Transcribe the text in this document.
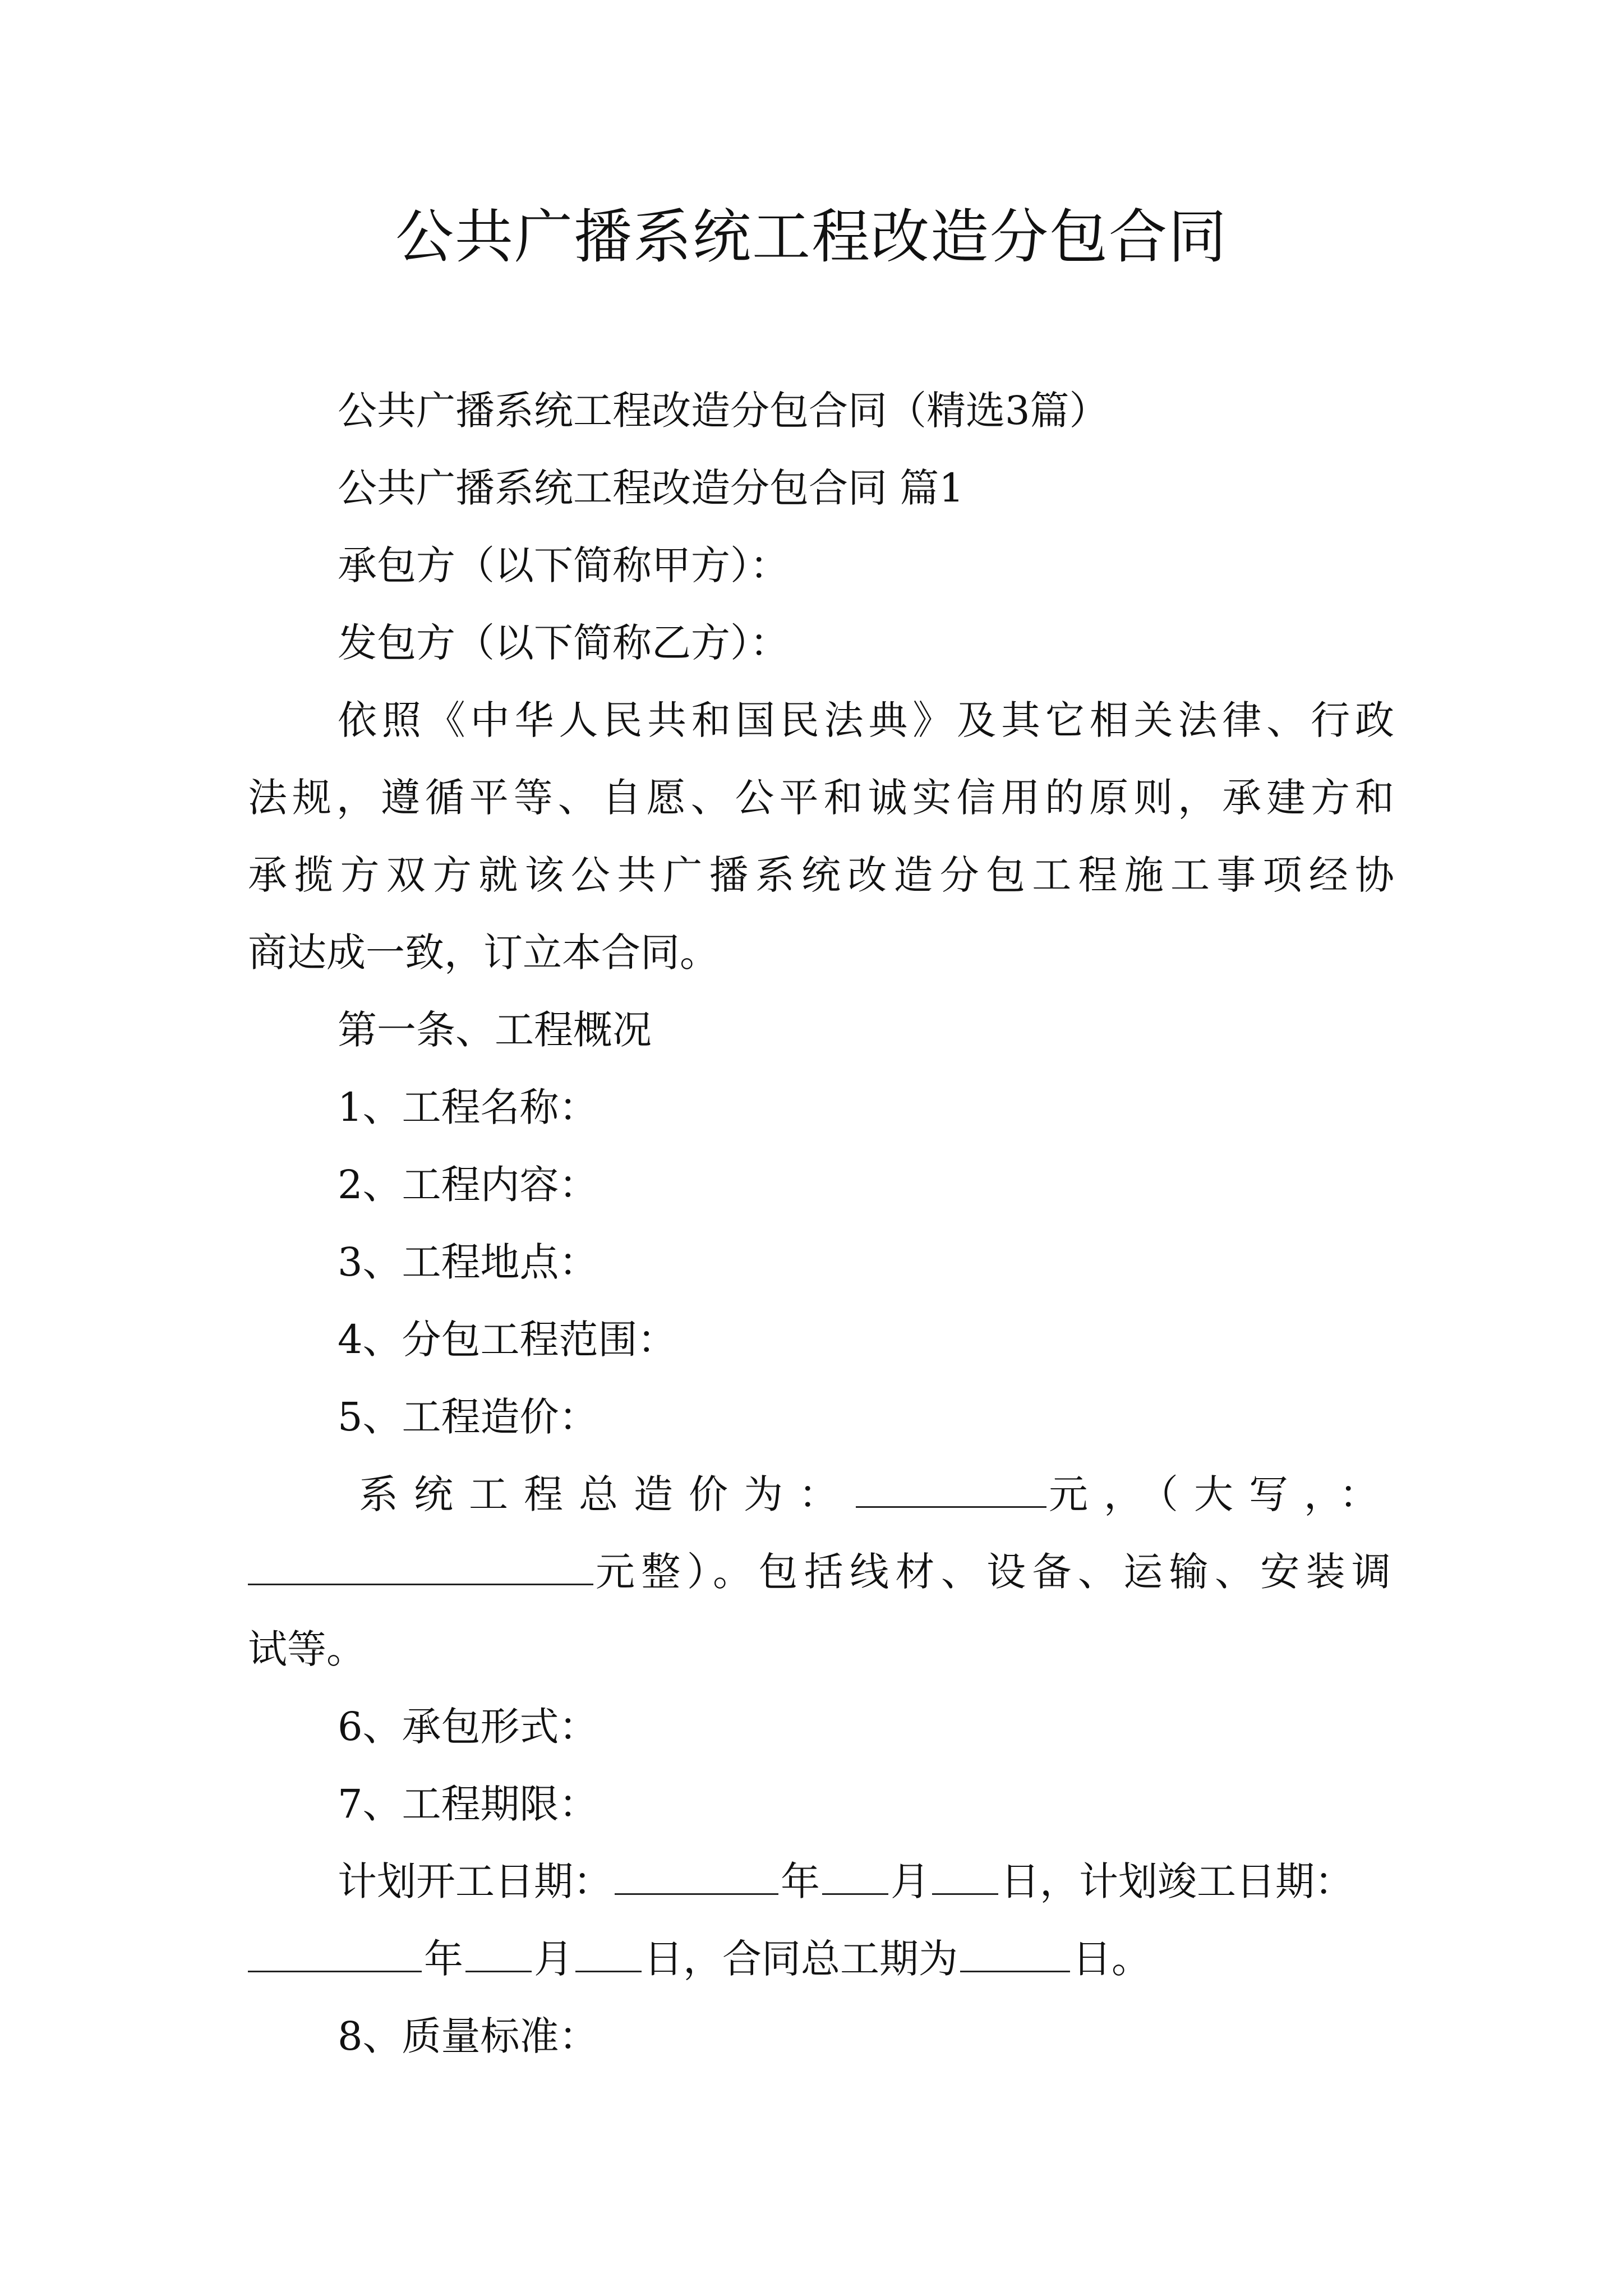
公共广播系统工程改造分包合同
公共广播系统工程改造分包合同（精选3篇）
公共广播系统工程改造分包合同 篇1
承包方（以下简称甲方）：
发包方（以下简称乙方）：
依照《中华人民共和国民法典》及其它相关法律、行政
法规，遵循平等、自愿、公平和诚实信用的原则，承建方和
承揽方双方就该公共广播系统改造分包工程施工事项经协
商达成一致，订立本合同。
第一条、工程概况
1、工程名称：
2、工程内容：
3、工程地点：
4、分包工程范围：
5、工程造价：
系统工程总造价为：	元，（大写，：
元整）。包括线材、设备、运输、安装调
试等。
6、承包形式：
7、工程期限：
计划开工日期：	年 月 日，计划竣工日期：
年 月 日，合同总工期为	日。
8、质量标准：
